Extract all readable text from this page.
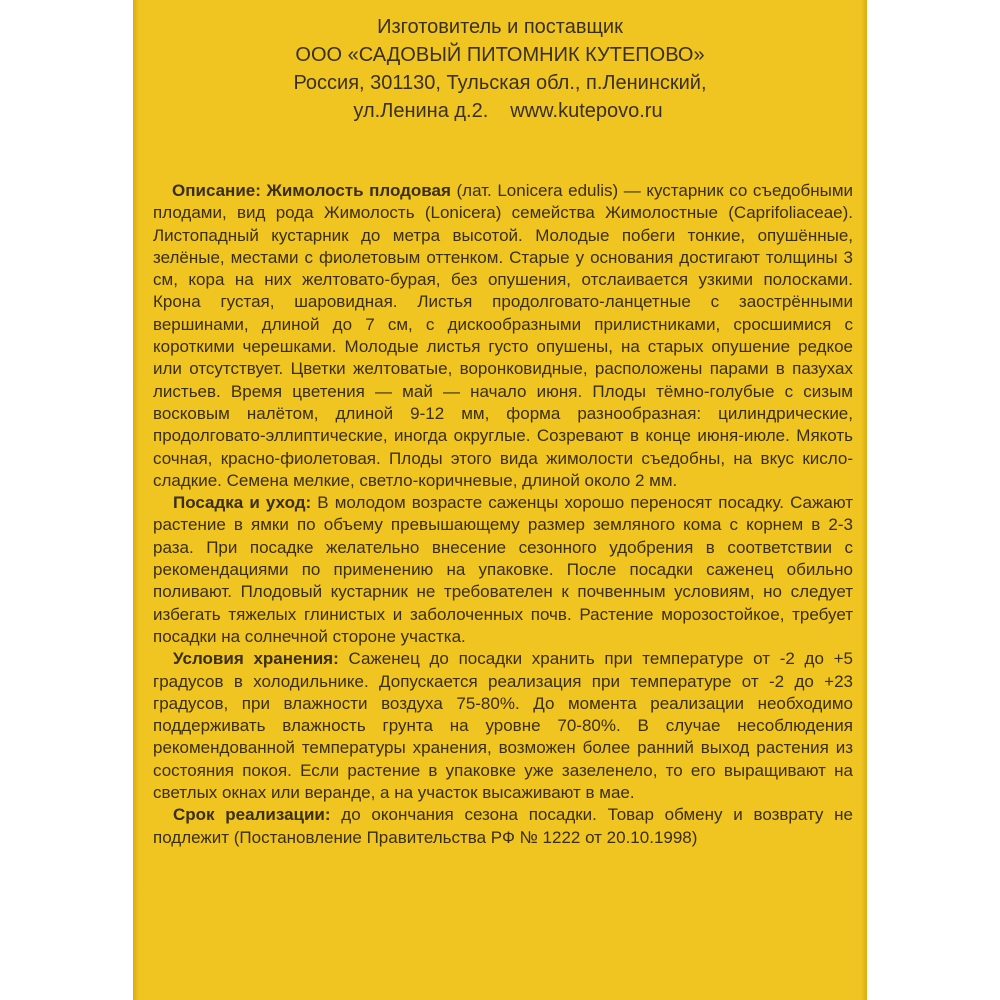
Изготовитель и поставщик
ООО «САДОВЫЙ ПИТОМНИК КУТЕПОВО»
Россия, 301130, Тульская обл., п.Ленинский,
ул.Ленина д.2. www.kutepovo.ru

Описание: Жимолость плодовая (лат. Lonicera edulis) — кустарник со съедобными плодами, вид рода Жимолость (Lonicera) семейства Жимолостные (Caprifoliaceae). Листопадный кустарник до метра высотой. Молодые побеги тонкие, опушённые, зелёные, местами с фиолетовым оттенком. Старые у основания достигают толщины 3 см, кора на них желтовато-бурая, без опушения, отслаивается узкими полосками. Крона густая, шаровидная. Листья продолговато-ланцетные с заострёнными вершинами, длиной до 7 см, с дискообразными прилистниками, сросшимися с короткими черешками. Молодые листья густо опушены, на старых опушение редкое или отсутствует. Цветки желтоватые, воронковидные, расположены парами в пазухах листьев. Время цветения — май — начало июня. Плоды тёмно-голубые с сизым восковым налётом, длиной 9-12 мм, форма разнообразная: цилиндрические, продолговато-эллиптические, иногда округлые. Созревают в конце июня-июле. Мякоть сочная, красно-фиолетовая. Плоды этого вида жимолости съедобны, на вкус кисло-сладкие. Семена мелкие, светло-коричневые, длиной около 2 мм.

Посадка и уход: В молодом возрасте саженцы хорошо переносят посадку. Сажают растение в ямки по объему превышающему размер земляного кома с корнем в 2-3 раза. При посадке желательно внесение сезонного удобрения в соответствии с рекомендациями по применению на упаковке. После посадки саженец обильно поливают. Плодовый кустарник не требователен к почвенным условиям, но следует избегать тяжелых глинистых и заболоченных почв. Растение морозостойкое, требует посадки на солнечной стороне участка.

Условия хранения: Саженец до посадки хранить при температуре от -2 до +5 градусов в холодильнике. Допускается реализация при температуре от -2 до +23 градусов, при влажности воздуха 75-80%. До момента реализации необходимо поддерживать влажность грунта на уровне 70-80%. В случае несоблюдения рекомендованной температуры хранения, возможен более ранний выход растения из состояния покоя. Если растение в упаковке уже зазеленело, то его выращивают на светлых окнах или веранде, а на участок высаживают в мае.

Срок реализации: до окончания сезона посадки. Товар обмену и возврату не подлежит (Постановление Правительства РФ № 1222 от 20.10.1998)
